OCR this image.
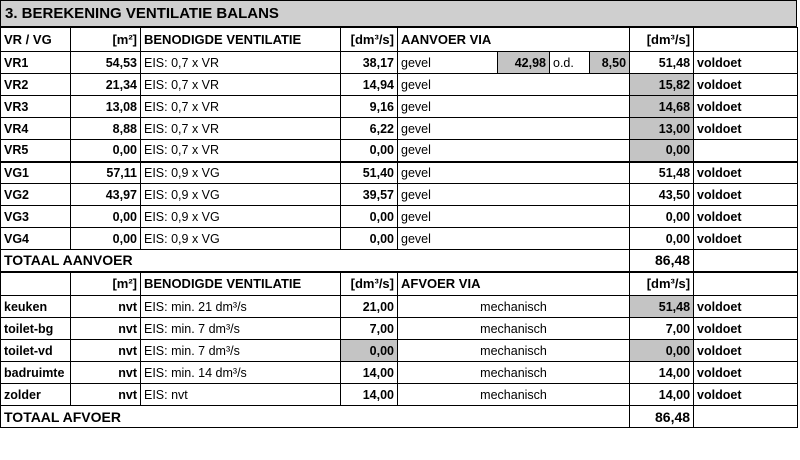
3. BEREKENING VENTILATIE BALANS
VR / VG	[m²]	BENODIGDE VENTILATIE	[dm³/s]	AANVOER VIA				[dm³/s]	
VR1	54,53	EIS: 0,7 x VR	38,17	gevel	42,98	o.d.	8,50	51,48	voldoet
VR2	21,34	EIS: 0,7 x VR	14,94	gevel				15,82	voldoet
VR3	13,08	EIS: 0,7 x VR	9,16	gevel				14,68	voldoet
VR4	8,88	EIS: 0,7 x VR	6,22	gevel				13,00	voldoet
VR5	0,00	EIS: 0,7 x VR	0,00	gevel				0,00	
VG1	57,11	EIS: 0,9 x VG	51,40	gevel				51,48	voldoet
VG2	43,97	EIS: 0,9 x VG	39,57	gevel				43,50	voldoet
VG3	0,00	EIS: 0,9 x VG	0,00	gevel				0,00	voldoet
VG4	0,00	EIS: 0,9 x VG	0,00	gevel				0,00	voldoet
TOTAAL AANVOER								86,48	
	[m²]	BENODIGDE VENTILATIE	[dm³/s]	AFVOER VIA				[dm³/s]	
keuken	nvt	EIS: min. 21 dm³/s	21,00	mechanisch				51,48	voldoet
toilet-bg	nvt	EIS: min. 7 dm³/s	7,00	mechanisch				7,00	voldoet
toilet-vd	nvt	EIS: min. 7 dm³/s	0,00	mechanisch				0,00	voldoet
badruimte	nvt	EIS: min. 14 dm³/s	14,00	mechanisch				14,00	voldoet
zolder	nvt	EIS: nvt	14,00	mechanisch				14,00	voldoet
TOTAAL AFVOER								86,48	
